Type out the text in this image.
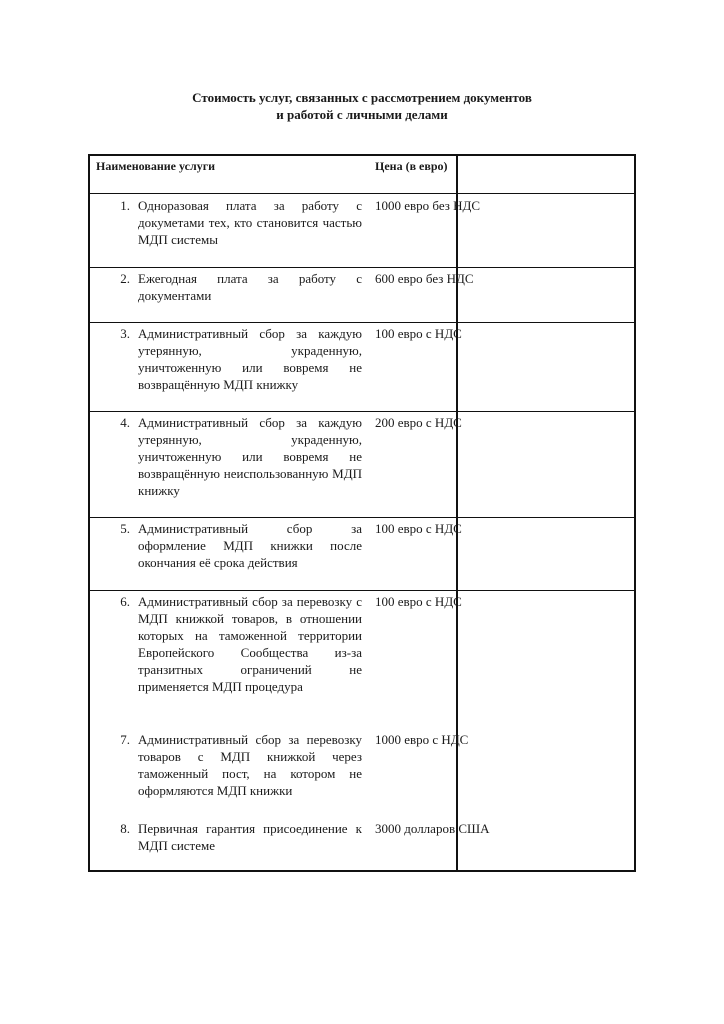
Стоимость услуг, связанных с рассмотрением документов
и работой с личными делами
Наименование услуги	Цена (в евро)
1. Одноразовая плата за работу с докуметами тех, кто становится частью МДП системы
1000 евро без НДС
2. Ежегодная плата за работу с документами
600 евро без НДС
3. Административный сбор за каждую утерянную, украденную, уничтоженную или вовремя не возвращённую МДП книжку
100 евро с НДС
4. Административный сбор за каждую утерянную, украденную, уничтоженную или вовремя не возвращённую неиспользованную МДП книжку
200 евро с НДС
5. Административный сбор за оформление МДП книжки после окончания её срока действия
100 евро с НДС
6. Административный сбор за перевозку с МДП книжкой товаров, в отношении которых на таможенной территории Европейского Сообщества из-за транзитных ограничений не применяется МДП процедура
100 евро с НДС
7. Административный сбор за перевозку товаров с МДП книжкой через таможенный пост, на котором не оформляются МДП книжки
1000 евро с НДС
8. Первичная гарантия присоединение к МДП системе
3000 долларов США
